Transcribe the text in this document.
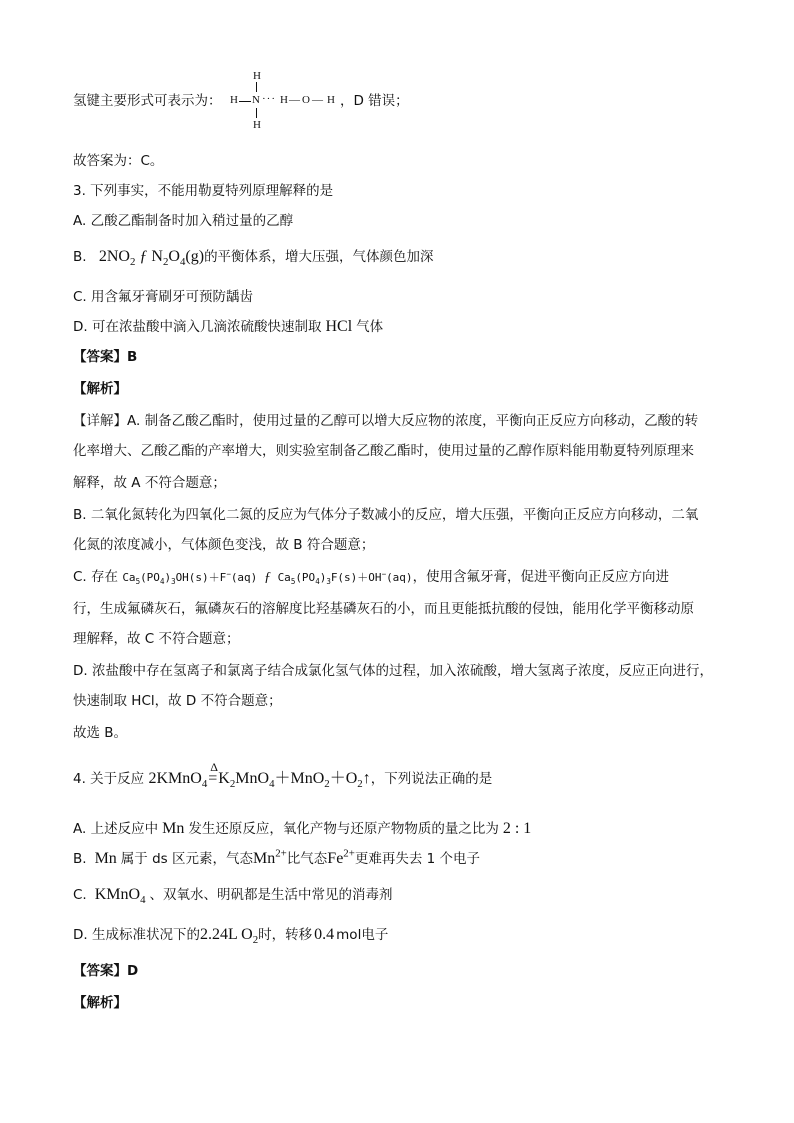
氢键主要形式可表示为：
H
H N ··· H — O — H
H
，D 错误；
故答案为：C。
3. 下列事实，不能用勒夏特列原理解释的是
A. 乙酸乙酯制备时加入稍过量的乙醇
B. $2NO_2$ ƒ $N_2O_4(g)$的平衡体系，增大压强，气体颜色加深
C. 用含氟牙膏刷牙可预防龋齿
D. 可在浓盐酸中滴入几滴浓硫酸快速制取 HCl 气体
【答案】B
【解析】
【详解】A. 制备乙酸乙酯时，使用过量的乙醇可以增大反应物的浓度，平衡向正反应方向移动，乙酸的转
化率增大、乙酸乙酯的产率增大，则实验室制备乙酸乙酯时，使用过量的乙醇作原料能用勒夏特列原理来
解释，故 A 不符合题意；
B. 二氧化氮转化为四氧化二氮的反应为气体分子数减小的反应，增大压强，平衡向正反应方向移动，二氧
化氮的浓度减小，气体颜色变浅，故 B 符合题意；
C. 存在 $Ca_5(PO_4)_3OH(s)+F^-(aq)$ ƒ $Ca_5(PO_4)_3F(s)+OH^-(aq)$，使用含氟牙膏，促进平衡向正反应方向进
行，生成氟磷灰石，氟磷灰石的溶解度比羟基磷灰石的小，而且更能抵抗酸的侵蚀，能用化学平衡移动原
理解释，故 C 不符合题意；
D. 浓盐酸中存在氢离子和氯离子结合成氯化氢气体的过程，加入浓硫酸，增大氢离子浓度，反应正向进行，
快速制取 HCl，故 D 不符合题意；
故选 B。
4. 关于反应 2KMnO$_4$
Δ
$=K_2MnO_4+MnO_2+O_2↑$，下列说法正确的是
A. 上述反应中 Mn 发生还原反应，氧化产物与还原产物物质的量之比为 2 : 1
B. Mn 属于 ds 区元素，气态$Mn^{2+}$比气态$Fe^{2+}$更难再失去 1 个电子
C. KMnO$_4$ 、双氧水、明矾都是生活中常见的消毒剂
D. 生成标准状况下的2.24L $O_2$时，转移 0.4 mol电子
【答案】D
【解析】
